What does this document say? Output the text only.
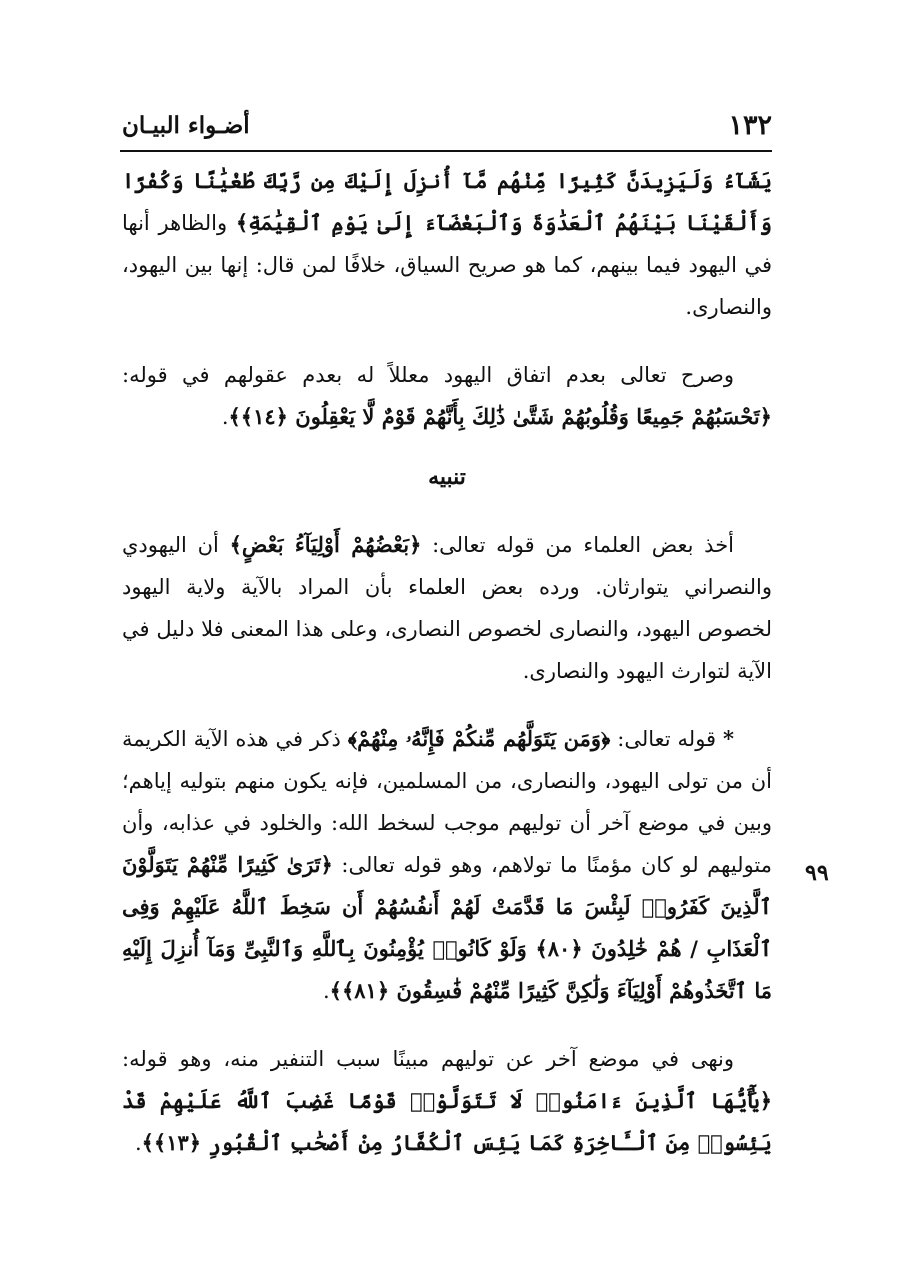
١٣٢
أضـواء البيـان

يَشَآءُ وَلَيَزِيدَنَّ كَثِيرًا مِّنْهُم مَّآ أُنزِلَ إِلَيْكَ مِن رَّبِّكَ طُغْيَٰنًا وَكُفْرًا وَأَلْقَيْنَا بَيْنَهُمُ ٱلْعَدَٰوَةَ وَٱلْبَغْضَآءَ إِلَىٰ يَوْمِ ٱلْقِيَٰمَةِ﴾ والظاهر أنها في اليهود فيما بينهم، كما هو صريح السياق، خلافًا لمن قال: إنها بين اليهود، والنصارى.

وصرح تعالى بعدم اتفاق اليهود معللاً له بعدم عقولهم في قوله: ﴿تَحْسَبُهُمْ جَمِيعًا وَقُلُوبُهُمْ شَتَّىٰ ذَٰلِكَ بِأَنَّهُمْ قَوْمٌ لَّا يَعْقِلُونَ ﴿١٤﴾﴾.

تنبيه

أخذ بعض العلماء من قوله تعالى: ﴿بَعْضُهُمْ أَوْلِيَآءُ بَعْضٍ﴾ أن اليهودي والنصراني يتوارثان. ورده بعض العلماء بأن المراد بالآية ولاية اليهود لخصوص اليهود، والنصارى لخصوص النصارى، وعلى هذا المعنى فلا دليل في الآية لتوارث اليهود والنصارى.

* قوله تعالى: ﴿وَمَن يَتَوَلَّهُم مِّنكُمْ فَإِنَّهُۥ مِنْهُمْ﴾ ذكر في هذه الآية الكريمة أن من تولى اليهود، والنصارى، من المسلمين، فإنه يكون منهم بتوليه إياهم؛ وبين في موضع آخر أن توليهم موجب لسخط الله: والخلود في عذابه، وأن متوليهم لو كان مؤمنًا ما تولاهم، وهو قوله تعالى: ﴿تَرَىٰ كَثِيرًا مِّنْهُمْ يَتَوَلَّوْنَ ٱلَّذِينَ كَفَرُوا۟ لَبِئْسَ مَا قَدَّمَتْ لَهُمْ أَنفُسُهُمْ أَن سَخِطَ ٱللَّهُ عَلَيْهِمْ وَفِى ٱلْعَذَابِ / هُمْ خَٰلِدُونَ ﴿٨٠﴾ وَلَوْ كَانُوا۟ يُؤْمِنُونَ بِٱللَّهِ وَٱلنَّبِىِّ وَمَآ أُنزِلَ إِلَيْهِ مَا ٱتَّخَذُوهُمْ أَوْلِيَآءَ وَلَٰكِنَّ كَثِيرًا مِّنْهُمْ فَٰسِقُونَ ﴿٨١﴾﴾.

ونهى في موضع آخر عن توليهم مبينًا سبب التنفير منه، وهو قوله: ﴿يَٰٓأَيُّهَا ٱلَّذِينَ ءَامَنُوا۟ لَا تَتَوَلَّوْا۟ قَوْمًا غَضِبَ ٱللَّهُ عَلَيْهِمْ قَدْ يَئِسُوا۟ مِنَ ٱلْـَٔاخِرَةِ كَمَا يَئِسَ ٱلْكُفَّارُ مِنْ أَصْحَٰبِ ٱلْقُبُورِ ﴿١٣﴾﴾.

٩٩
